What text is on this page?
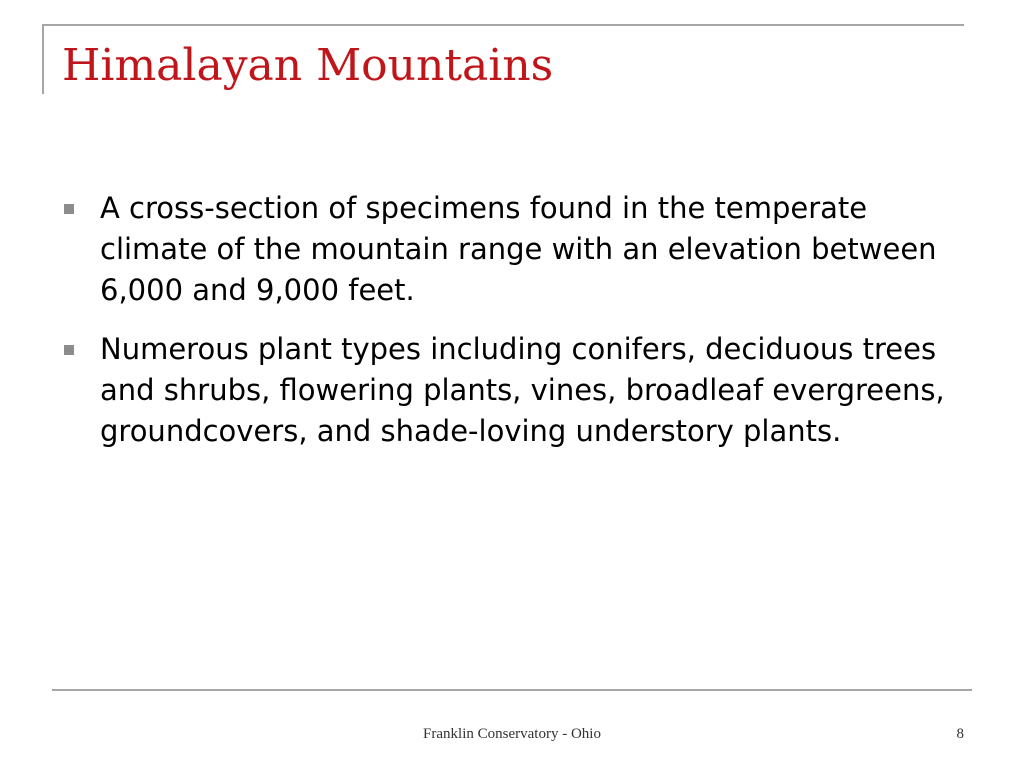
Himalayan Mountains
A cross-section of specimens found in the temperate climate of the mountain range with an elevation between 6,000 and 9,000 feet.
Numerous plant types including conifers, deciduous trees and shrubs, flowering plants, vines, broadleaf evergreens, groundcovers, and shade-loving understory plants.
Franklin Conservatory - Ohio	8
